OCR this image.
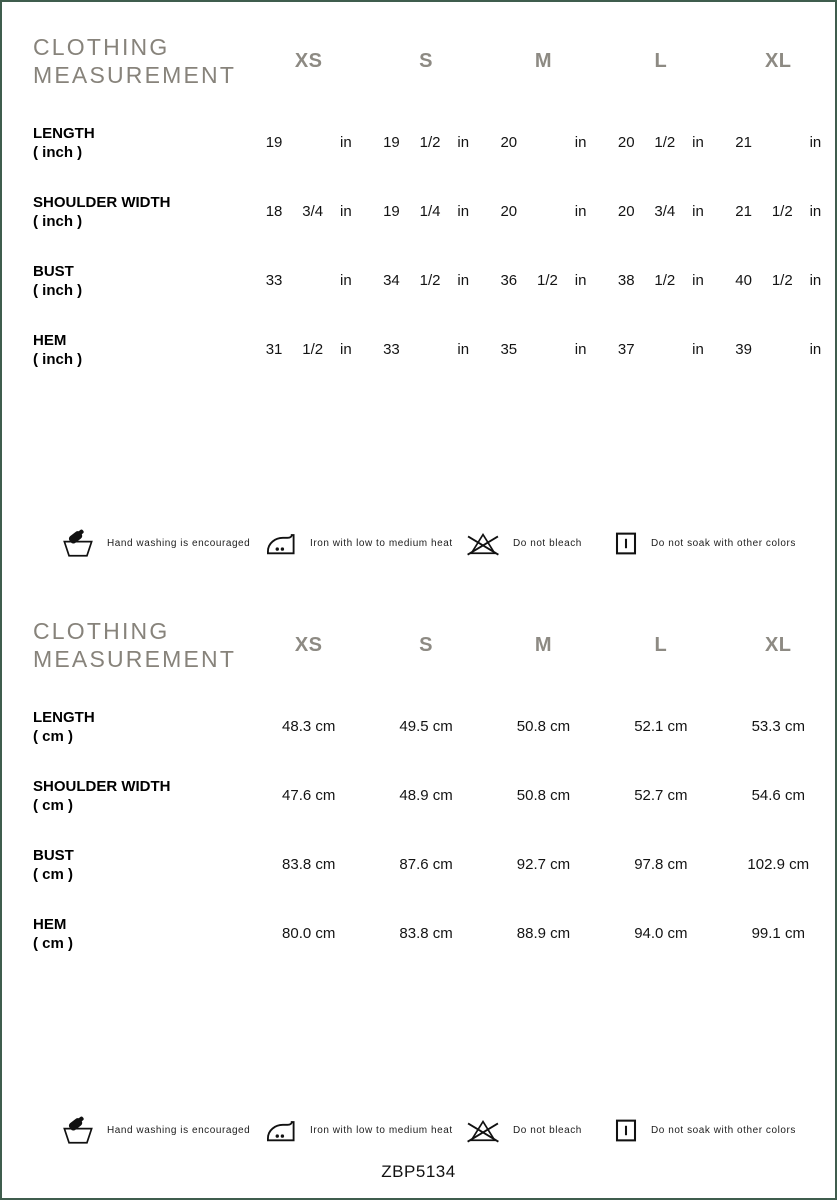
CLOTHING
MEASUREMENT
XS	S	M	L	XL
LENGTH
( inch )
19	in 19	1/2	in 20	in 20	1/2	in 21	in
SHOULDER WIDTH
( inch )
18	3/4	in 19	1/4	in 20	in 20	3/4	in 21	1/2	in
BUST
( inch )
33	in 34	1/2	in 36	1/2	in 38	1/2	in 40	1/2	in
HEM
( inch )
31	1/2	in 33	in 35	in 37	in 39	in
Hand washing is encouraged	Iron with low to medium heat	Do not bleach	Do not soak with other colors
CLOTHING
MEASUREMENT
XS	S	M	L	XL
LENGTH
( cm )
48.3 cm	49.5 cm	50.8 cm	52.1 cm	53.3 cm
SHOULDER WIDTH
( cm )
47.6 cm	48.9 cm	50.8 cm	52.7 cm	54.6 cm
BUST
( cm )
83.8 cm	87.6 cm	92.7 cm	97.8 cm	102.9 cm
HEM
( cm )
80.0 cm	83.8 cm	88.9 cm	94.0 cm	99.1 cm
Hand washing is encouraged	Iron with low to medium heat	Do not bleach	Do not soak with other colors
ZBP5134
